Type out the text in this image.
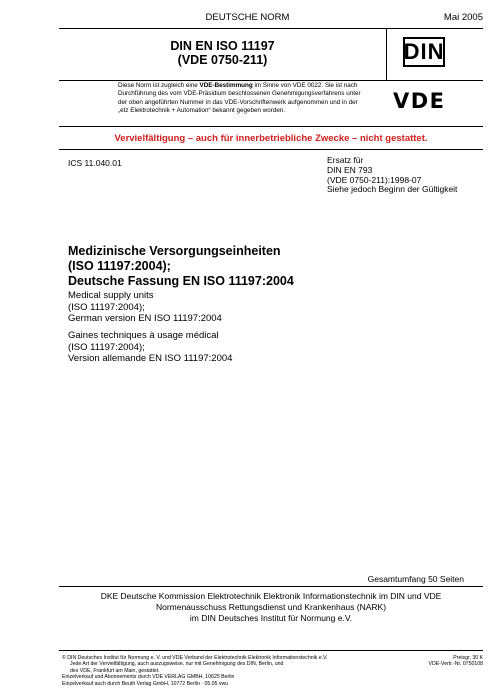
DEUTSCHE NORM	Mai 2005
DIN EN ISO 11197
(VDE 0750-211)	DIN
Diese Norm ist zugleich eine VDE-Bestimmung im Sinne von VDE 0022. Sie ist nach
Durchführung des vom VDE-Präsidium beschlossenen Genehmigungsverfahrens unter
der oben angeführten Nummer in das VDE-Vorschriftenwerk aufgenommen und in der
„etz Elektrotechnik + Automation“ bekannt gegeben worden.	VDE
Vervielfältigung – auch für innerbetriebliche Zwecke – nicht gestattet.
ICS 11.040.01	Ersatz für
DIN EN 793
(VDE 0750-211):1998-07
Siehe jedoch Beginn der Gültigkeit
Medizinische Versorgungseinheiten
(ISO 11197:2004);
Deutsche Fassung EN ISO 11197:2004
Medical supply units
(ISO 11197:2004);
German version EN ISO 11197:2004
Gaines techniques à usage médical
(ISO 11197:2004);
Version allemande EN ISO 11197:2004
Gesamtumfang 50 Seiten
DKE Deutsche Kommission Elektrotechnik Elektronik Informationstechnik im DIN und VDE
Normenausschuss Rettungsdienst und Krankenhaus (NARK)
im DIN Deutsches Institut für Normung e.V.
© DIN Deutsches Institut für Normung e. V. und VDE Verband der Elektrotechnik Elektronik Informationstechnik e.V.
Jede Art der Vervielfältigung, auch auszugsweise, nur mit Genehmigung des DIN, Berlin, und
des VDE, Frankfurt am Main, gestattet.
Einzelverkauf und Abonnements durch VDE VERLAG GMBH, 10625 Berlin
Einzelverkauf auch durch Beuth Verlag GmbH, 10772 Berlin · 05.05 vwu
Preisgr. 30 K
VDE-Vertr.-Nr. 0750108
